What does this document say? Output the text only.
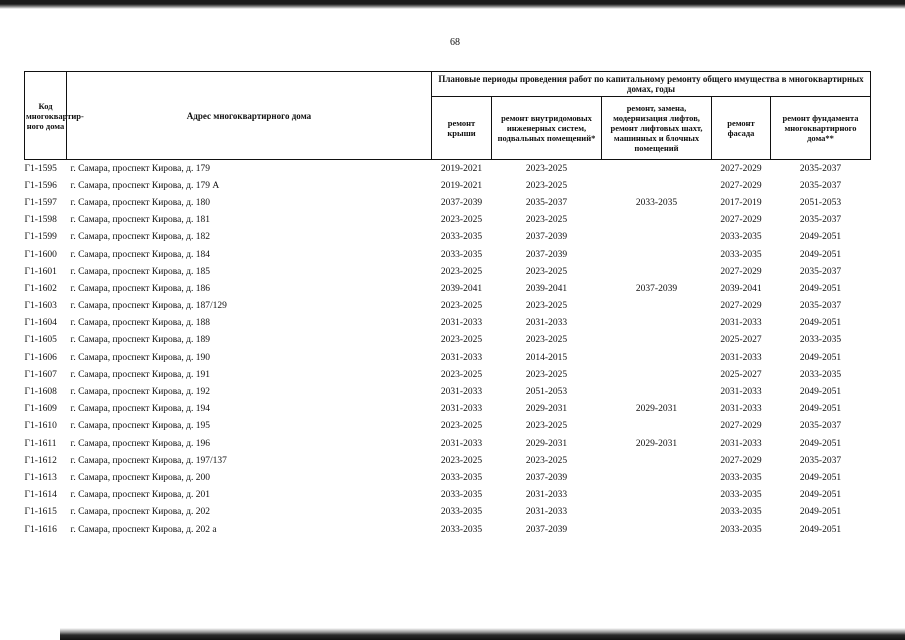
68
Код многоквартирного дома	Адрес многоквартирного дома	Плановые периоды проведения работ по капитальному ремонту общего имущества в многоквартирных домах, годы				
		ремонт крыши	ремонт внутридомовых инженерных систем, подвальных помещений*	ремонт, замена, модернизация лифтов, ремонт лифтовых шахт, машинных и блочных помещений	ремонт фасада	ремонт фундамента многоквартирного дома**
Г1-1595	г. Самара, проспект Кирова, д. 179	2019-2021	2023-2025		2027-2029	2035-2037
Г1-1596	г. Самара, проспект Кирова, д. 179 А	2019-2021	2023-2025		2027-2029	2035-2037
Г1-1597	г. Самара, проспект Кирова, д. 180	2037-2039	2035-2037	2033-2035	2017-2019	2051-2053
Г1-1598	г. Самара, проспект Кирова, д. 181	2023-2025	2023-2025		2027-2029	2035-2037
Г1-1599	г. Самара, проспект Кирова, д. 182	2033-2035	2037-2039		2033-2035	2049-2051
Г1-1600	г. Самара, проспект Кирова, д. 184	2033-2035	2037-2039		2033-2035	2049-2051
Г1-1601	г. Самара, проспект Кирова, д. 185	2023-2025	2023-2025		2027-2029	2035-2037
Г1-1602	г. Самара, проспект Кирова, д. 186	2039-2041	2039-2041	2037-2039	2039-2041	2049-2051
Г1-1603	г. Самара, проспект Кирова, д. 187/129	2023-2025	2023-2025		2027-2029	2035-2037
Г1-1604	г. Самара, проспект Кирова, д. 188	2031-2033	2031-2033		2031-2033	2049-2051
Г1-1605	г. Самара, проспект Кирова, д. 189	2023-2025	2023-2025		2025-2027	2033-2035
Г1-1606	г. Самара, проспект Кирова, д. 190	2031-2033	2014-2015		2031-2033	2049-2051
Г1-1607	г. Самара, проспект Кирова, д. 191	2023-2025	2023-2025		2025-2027	2033-2035
Г1-1608	г. Самара, проспект Кирова, д. 192	2031-2033	2051-2053		2031-2033	2049-2051
Г1-1609	г. Самара, проспект Кирова, д. 194	2031-2033	2029-2031	2029-2031	2031-2033	2049-2051
Г1-1610	г. Самара, проспект Кирова, д. 195	2023-2025	2023-2025		2027-2029	2035-2037
Г1-1611	г. Самара, проспект Кирова, д. 196	2031-2033	2029-2031	2029-2031	2031-2033	2049-2051
Г1-1612	г. Самара, проспект Кирова, д. 197/137	2023-2025	2023-2025		2027-2029	2035-2037
Г1-1613	г. Самара, проспект Кирова, д. 200	2033-2035	2037-2039		2033-2035	2049-2051
Г1-1614	г. Самара, проспект Кирова, д. 201	2033-2035	2031-2033		2033-2035	2049-2051
Г1-1615	г. Самара, проспект Кирова, д. 202	2033-2035	2031-2033		2033-2035	2049-2051
Г1-1616	г. Самара, проспект Кирова, д. 202 а	2033-2035	2037-2039		2033-2035	2049-2051
